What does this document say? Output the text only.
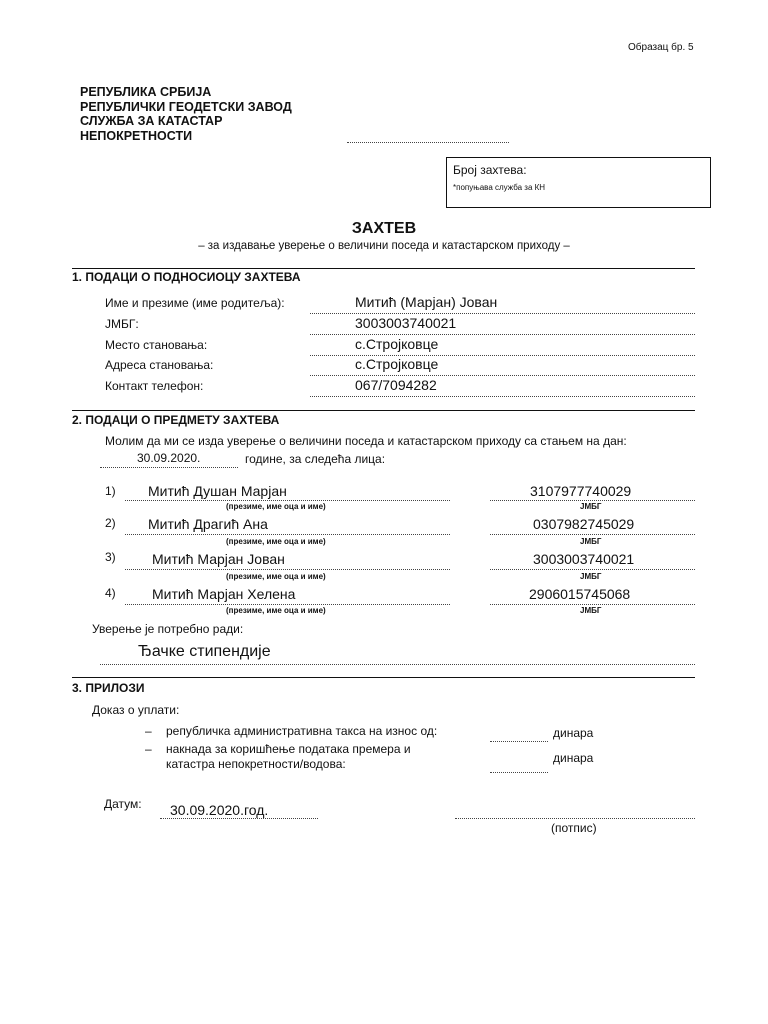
Образац бр. 5
РЕПУБЛИКА СРБИЈА
РЕПУБЛИЧКИ ГЕОДЕТСКИ ЗАВОД
СЛУЖБА ЗА КАТАСТАР
НЕПОКРЕТНОСТИ
Број захтева:
*попуњава служба за КН
ЗАХТЕВ
– за издавање уверење о величини поседа и катастарском приходу –
1. ПОДАЦИ О ПОДНОСИОЦУ ЗАХТЕВА
Име и презиме (име родитеља):	Митић (Марјан) Јован
ЈМБГ:	3003003740021
Место становања:	с.Стројковце
Адреса становања:	с.Стројковце
Контакт телефон:	067/7094282
2. ПОДАЦИ О ПРЕДМЕТУ ЗАХТЕВА
Молим да ми се изда уверење о величини поседа и катастарском приходу са стањем на дан:
30.09.2020.	године, за следећа лица:
1) Митић Душан Марјан
(презиме, име оца и име)
3107977740029
ЈМБГ
2) Митић Драгић Ана
(презиме, име оца и име)
0307982745029
ЈМБГ
3)	Митић Марјан Јован
(презиме, име оца и име)
3003003740021
ЈМБГ
4)	Митић Марјан Хелена
(презиме, име оца и име)
2906015745068
ЈМБГ
Уверење је потребно ради:
Ђачке стипендије
3. ПРИЛОЗИ
Доказ о уплати:
– републичка административна такса на износ од:	динара
– накнада за коришћење података премера и
катастра непокретности/водова:	динара
Датум: 30.09.2020.год.
(потпис)
